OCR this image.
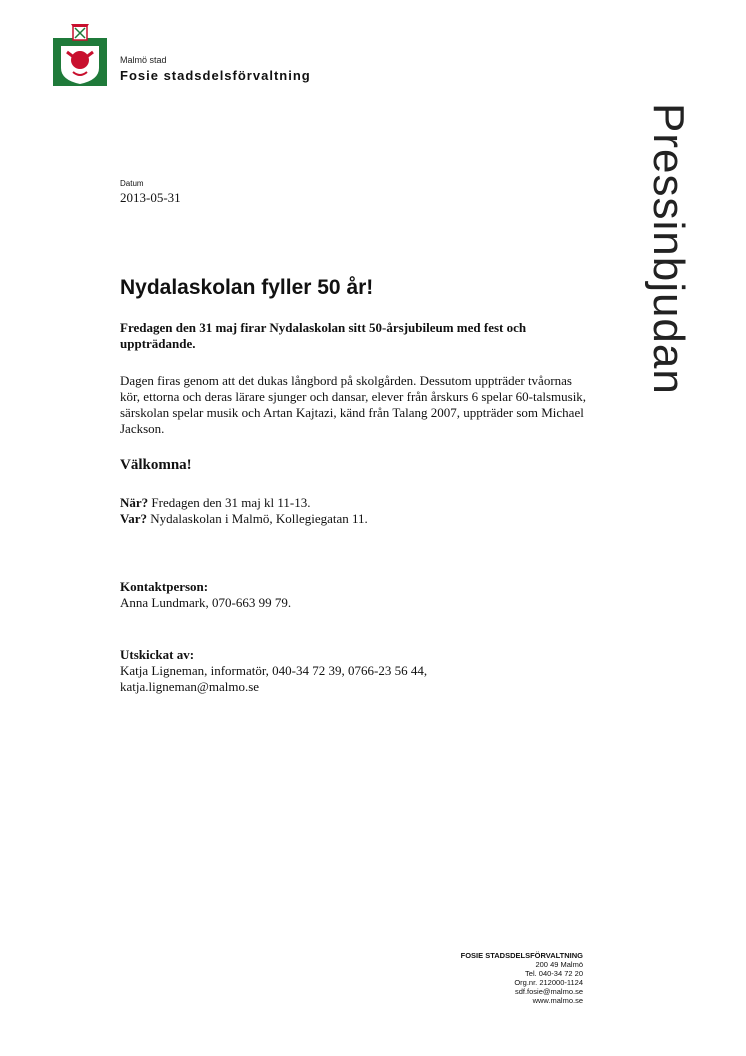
Malmö stad
Fosie stadsdelsförvaltning
Datum
2013-05-31	Pressinbjudan
Nydalaskolan fyller 50 år!
Fredagen den 31 maj firar Nydalaskolan sitt 50-årsjubileum med fest och uppträdande.
Dagen firas genom att det dukas långbord på skolgården. Dessutom uppträder tvåornas kör, ettorna och deras lärare sjunger och dansar, elever från årskurs 6 spelar 60-talsmusik, särskolan spelar musik och Artan Kajtazi, känd från Talang 2007, uppträder som Michael Jackson.
Välkomna!
När? Fredagen den 31 maj kl 11-13.
Var? Nydalaskolan i Malmö, Kollegiegatan 11.
Kontaktperson:
Anna Lundmark, 070-663 99 79.
Utskickat av:
Katja Ligneman, informatör, 040-34 72 39, 0766-23 56 44,
katja.ligneman@malmo.se
FOSIE STADSDELSFÖRVALTNING
200 49 Malmö
Tel. 040-34 72 20
Org.nr. 212000-1124
sdf.fosie@malmo.se
www.malmo.se
